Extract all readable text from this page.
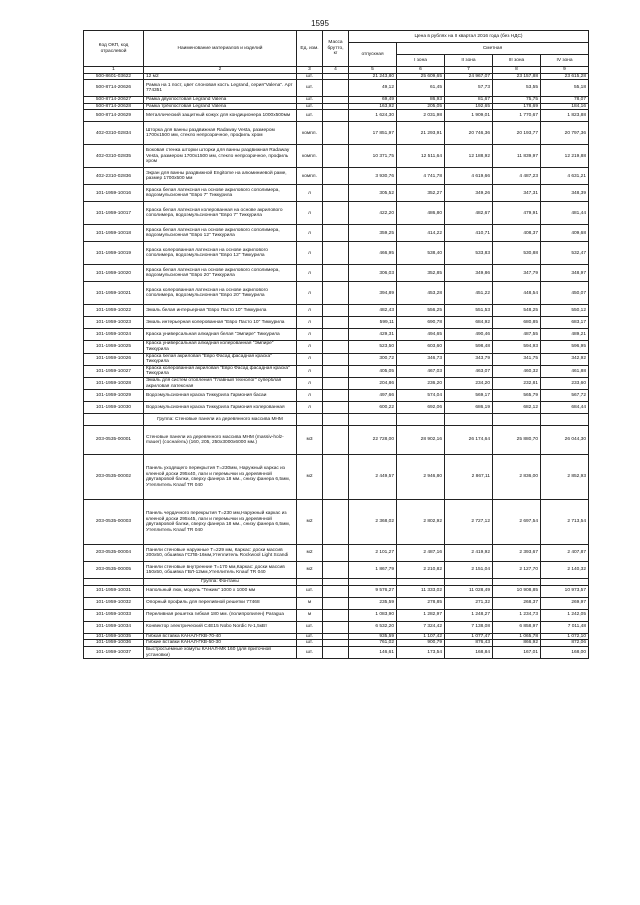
1595
Код ОКП, код отраслевой	Наименование материалов и изделий	Ед. изм.	Масса брутто, кг	Цена в рублях на II квартал 2016 года (без НДС)				
				отпускная	Сметная			
					I зона	II зона	III зона	IV зона
1	2	3	4	5	6	7	8	9
500-8601-03622	12 м2	шт.		21 243,80	25 609,65	24 967,07	23 157,88	23 615,28
500-8714-20626	Рамка на 1 пост, цвет слоновая кость Legrand, серия"Valena". Арт 774351	шт.		49,12	61,45	57,73	53,55	55,18
500-8714-20627	Рамка двухпостовая Legrand Valena	шт.		69,49	86,93	81,67	75,75	78,07
500-8714-20628	Рамка трёхпостовая Legrand Valena	шт.		163,92	205,05	192,65	178,69	184,16
500-8714-20629	Металлический защитный кожух для кондиционера 1000х500мм	шт.		1 624,30	2 031,98	1 909,01	1 770,67	1 823,88
402-0310-02834	Шторка для ванны раздвижная Radaway Vesta, размером 1700х1500 мм, стекло непрозрачное, профиль хром	компл.		17 851,97	21 293,91	20 746,36	20 193,77	20 797,36
402-0310-02835	Боковая стенка шторки шторки для ванны раздвижная Radaway Vesta, размером 1700х1500 мм, стекло непрозрачное, профиль хром	компл.		10 371,75	12 511,64	12 188,92	11 839,97	12 219,88
402-2310-02836	Экран для ванны раздвижной Engitome на алюминиевой раме, размер 1700х500 мм	компл.		3 930,76	4 741,78	4 619,66	4 487,23	4 631,21
101-1959-10016	Краска белая латексная на основе акрилового сополимера, водоэмульсионная "Евро 7" Тиккурила	л		305,52	352,27	349,26	347,31	348,39
101-1959-10017	Краска белая латексная колерованная на основе акрилового сополимера, водоэмульсионная "Евро 7" Тиккурила	л		422,20	486,80	482,67	479,91	481,44
101-1959-10018	Краска белая латексная на основе акрилового сополимера, водоэмульсионная "Евро 12" Тиккурила	л		359,25	414,22	410,71	408,37	409,68
101-1959-10019	Краска колерованная латексная на основе акрилового сополимера, водоэмульсионная "Евро 12" Тиккурила	л		466,95	538,40	533,83	530,88	532,47
101-1959-10020	Краска белая латексная на основе акрилового сополимера, водоэмульсионная "Евро 20" Тиккурила	л		306,03	352,85	349,86	347,79	348,97
101-1959-10021	Краска колерованная латексная на основе акрилового сополимера, водоэмульсионная "Евро 20" Тиккурила	л		394,89	453,28	451,22	448,54	450,07
101-1959-10022	Эмаль белая интерьерная "Евро Пасто 10" Тиккурила	л		482,43	556,25	551,53	548,25	550,12
101-1959-10023	Эмаль интерьерная колерованная "Евро Пасто 10" Тиккурила	л		599,11	690,78	684,92	680,85	683,17
101-1959-10024	Краска универсальная алкидная белая "Эмпире" Тиккурила	л		429,31	494,65	490,46	487,55	489,21
101-1959-10025	Краска универсальная алкидная колерованная "Эмпире" Тиккурила	л		523,50	603,60	598,48	594,93	596,95
101-1959-10026	Краска белая акриловая "Евро Фасад фасадная краска" Тиккурила	л		300,72	346,73	343,79	341,75	342,92
101-1959-10027	Краска колерованная акриловая "Евро Фасад фасадная краска" Тиккурила	л		405,05	467,03	463,07	460,32	461,88
101-1959-10028	Эмаль для систем отопления "Главный технолог" суперблая акриловая латексная	л		204,86	236,20	234,20	232,81	233,60
101-1959-10029	Водоэмульсионная краска Тиккурила Гармония басаи	л		497,66	574,04	569,17	565,79	567,72
101-1959-10030	Водоэмульсионная краска Тиккурила Гармония колерованная	л		600,22	692,06	686,19	682,12	684,44
	Группа: Стеновые панели из деревянного массива МHM							
203-0535-00001	Стеновые панели из деревянного массива MHM (massiv-holz-mauer) (сосна/ель) (160, 205, 250х3000х6000 мм.)	м3		22 728,00	28 902,16	26 174,64	25 880,70	26 044,30
203-0535-00002	Панель уходящего перекрытия Т=230мм, Наружный каркас из клееной доски 295х40, лаги и перемычки из деревянной двутавровой балки, сверху фанера 18 мм., снизу фанера 6,5мм, Утеплитель Knauf TR 040	м2		2 449,57	2 946,80	2 867,11	2 836,00	2 852,93
203-0535-00003	Панель чердачного перекрытия Т=230 мм,Наружный каркас из клееной доски 295х45, лаги и перемычки из деревянной двутавровой балки, сверху фанера 18 мм., снизу фанера 6,5мм, Утеплитель Knauf TR 040	м2		2 368,02	2 802,92	2 727,12	2 697,54	2 713,54
203-0535-00004	Панели стеновые наружные Т=229 мм, Каркас: доски массив 200х50, обшивка ГСПВ-16мм,Утеплитель Rockwool Light Scandi	м2		2 101,27	2 487,16	2 419,92	2 393,67	2 407,87
203-0535-00005	Панели стеновые внутренние Т=170 мм,Каркас: доски массив 150х50, обшивка ГВЛ-12мм,Утеплитель Knauf TR 040	м2		1 867,79	2 210,82	2 151,04	2 127,70	2 140,32
	Группа: Фонтаны							
101-1959-10031	Напольный люк, модель "Тежим" 1000 х 1000 мм	шт.		9 576,27	11 333,02	11 028,49	10 908,85	10 973,57
101-1959-10032	Опорный профиль для переливной решетки 77468	м		235,59	278,85	271,32	268,37	269,97
101-1959-10033	Переливная решетка гибкая 180 мм. (полипропилен) Paragua	м		1 083,90	1 282,97	1 248,27	1 234,73	1 242,05
101-1959-10034	Конвектор электрический C4E15 Nobo Nordic N-1,5кВт	шт.		6 532,20	7 324,42	7 138,08	6 858,97	7 011,48
101-1959-10035	Гибкая вставка КАНАЛ-ГКВ-70-40	шт.		935,59	1 107,42	1 077,47	1 065,78	1 072,10
101-1959-10036	Гибкие вставки КАНАЛ-ГКВ-50-30	шт.		761,02	900,79	876,43	866,92	872,06
101-1959-10037	Быстросъемные хомуты КАНАЛ-МК 160 (для приточной установки)	шт.		146,61	173,54	168,84	167,01	168,00
